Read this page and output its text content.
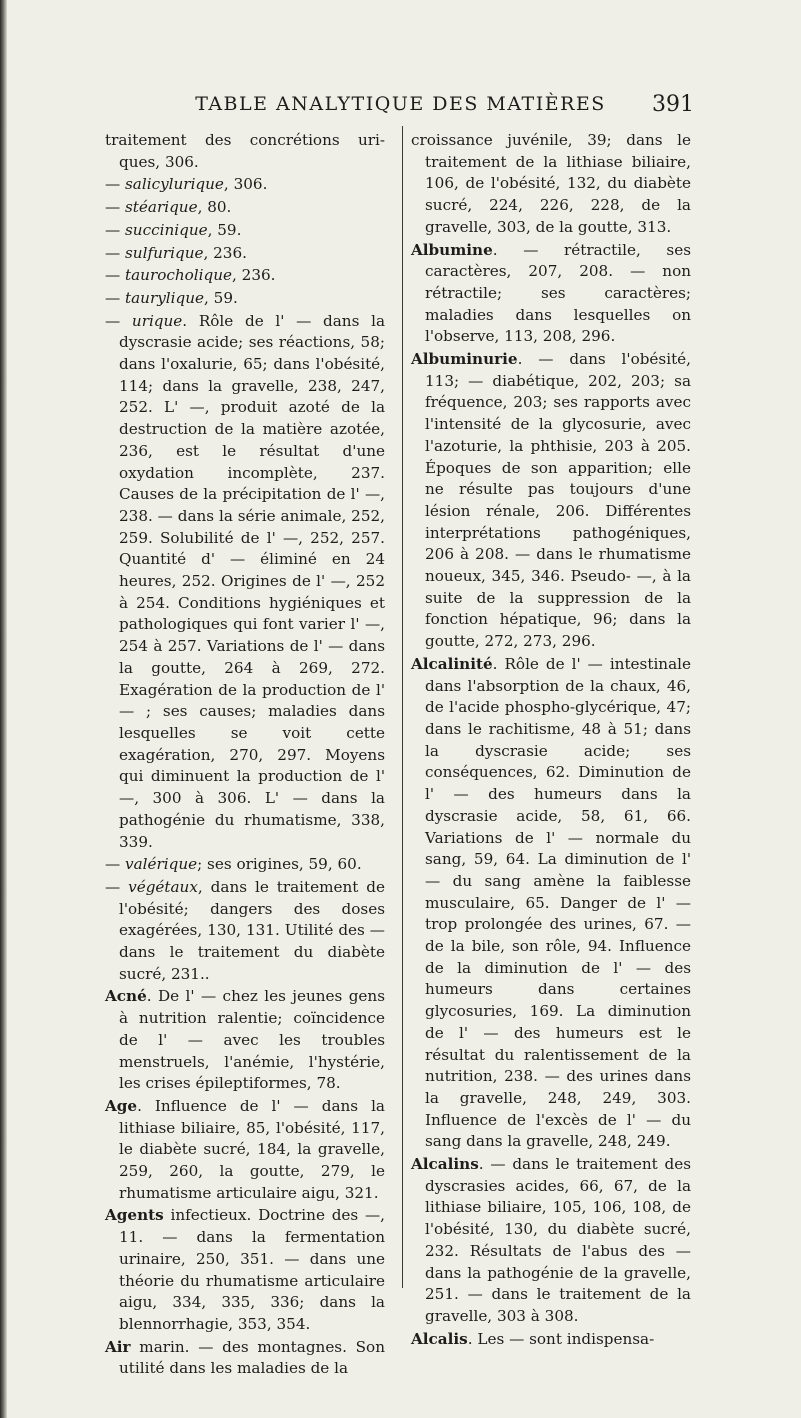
TABLE ANALYTIQUE DES MATIÈRES	391

traitement des concrétions uri-ques, 306.

— salicylurique, 306.

— stéarique, 80.

— succinique, 59.

— sulfurique, 236.

— taurocholique, 236.

— taurylique, 59.

— urique. Rôle de l' — dans la dyscrasie acide; ses réactions, 58; dans l'oxalurie, 65; dans l'obésité, 114; dans la gravelle, 238, 247, 252. L' —, produit azoté de la destruction de la matière azotée, 236, est le résultat d'une oxydation incomplète, 237. Causes de la précipitation de l' —, 238. — dans la série animale, 252, 259. Solubilité de l' —, 252, 257. Quantité d' — éliminé en 24 heures, 252. Origines de l' —, 252 à 254. Conditions hygiéniques et pathologiques qui font varier l' —, 254 à 257. Variations de l' — dans la goutte, 264 à 269, 272. Exagération de la production de l' — ; ses causes; maladies dans lesquelles se voit cette exagération, 270, 297. Moyens qui diminuent la production de l' —, 300 à 306. L' — dans la pathogénie du rhumatisme, 338, 339.

— valérique; ses origines, 59, 60.

— végétaux, dans le traitement de l'obésité; dangers des doses exagérées, 130, 131. Utilité des — dans le traitement du diabète sucré, 231..

Acné. De l' — chez les jeunes gens à nutrition ralentie; coïncidence de l' — avec les troubles menstruels, l'anémie, l'hystérie, les crises épileptiformes, 78.

Age. Influence de l' — dans la lithiase biliaire, 85, l'obésité, 117, le diabète sucré, 184, la gravelle, 259, 260, la goutte, 279, le rhumatisme articulaire aigu, 321.

Agents infectieux. Doctrine des —, 11. — dans la fermentation urinaire, 250, 351. — dans une théorie du rhumatisme articulaire aigu, 334, 335, 336; dans la blennorrhagie, 353, 354.

Air marin. — des montagnes. Son utilité dans les maladies de la

croissance juvénile, 39; dans le traitement de la lithiase biliaire, 106, de l'obésité, 132, du diabète sucré, 224, 226, 228, de la gravelle, 303, de la goutte, 313.

Albumine. — rétractile, ses caractères, 207, 208. — non rétractile; ses caractères; maladies dans lesquelles on l'observe, 113, 208, 296.

Albuminurie. — dans l'obésité, 113; — diabétique, 202, 203; sa fréquence, 203; ses rapports avec l'intensité de la glycosurie, avec l'azoturie, la phthisie, 203 à 205. Époques de son apparition; elle ne résulte pas toujours d'une lésion rénale, 206. Différentes interprétations pathogéniques, 206 à 208. — dans le rhumatisme noueux, 345, 346. Pseudo- —, à la suite de la suppression de la fonction hépatique, 96; dans la goutte, 272, 273, 296.

Alcalinité. Rôle de l' — intestinale dans l'absorption de la chaux, 46, de l'acide phospho-glycérique, 47; dans le rachitisme, 48 à 51; dans la dyscrasie acide; ses conséquences, 62. Diminution de l' — des humeurs dans la dyscrasie acide, 58, 61, 66. Variations de l' — normale du sang, 59, 64. La diminution de l' — du sang amène la faiblesse musculaire, 65. Danger de l' — trop prolongée des urines, 67. — de la bile, son rôle, 94. Influence de la diminution de l' — des humeurs dans certaines glycosuries, 169. La diminution de l' — des humeurs est le résultat du ralentissement de la nutrition, 238. — des urines dans la gravelle, 248, 249, 303. Influence de l'excès de l' — du sang dans la gravelle, 248, 249.

Alcalins. — dans le traitement des dyscrasies acides, 66, 67, de la lithiase biliaire, 105, 106, 108, de l'obésité, 130, du diabète sucré, 232. Résultats de l'abus des — dans la pathogénie de la gravelle, 251. — dans le traitement de la gravelle, 303 à 308.

Alcalis. Les — sont indispensa-
